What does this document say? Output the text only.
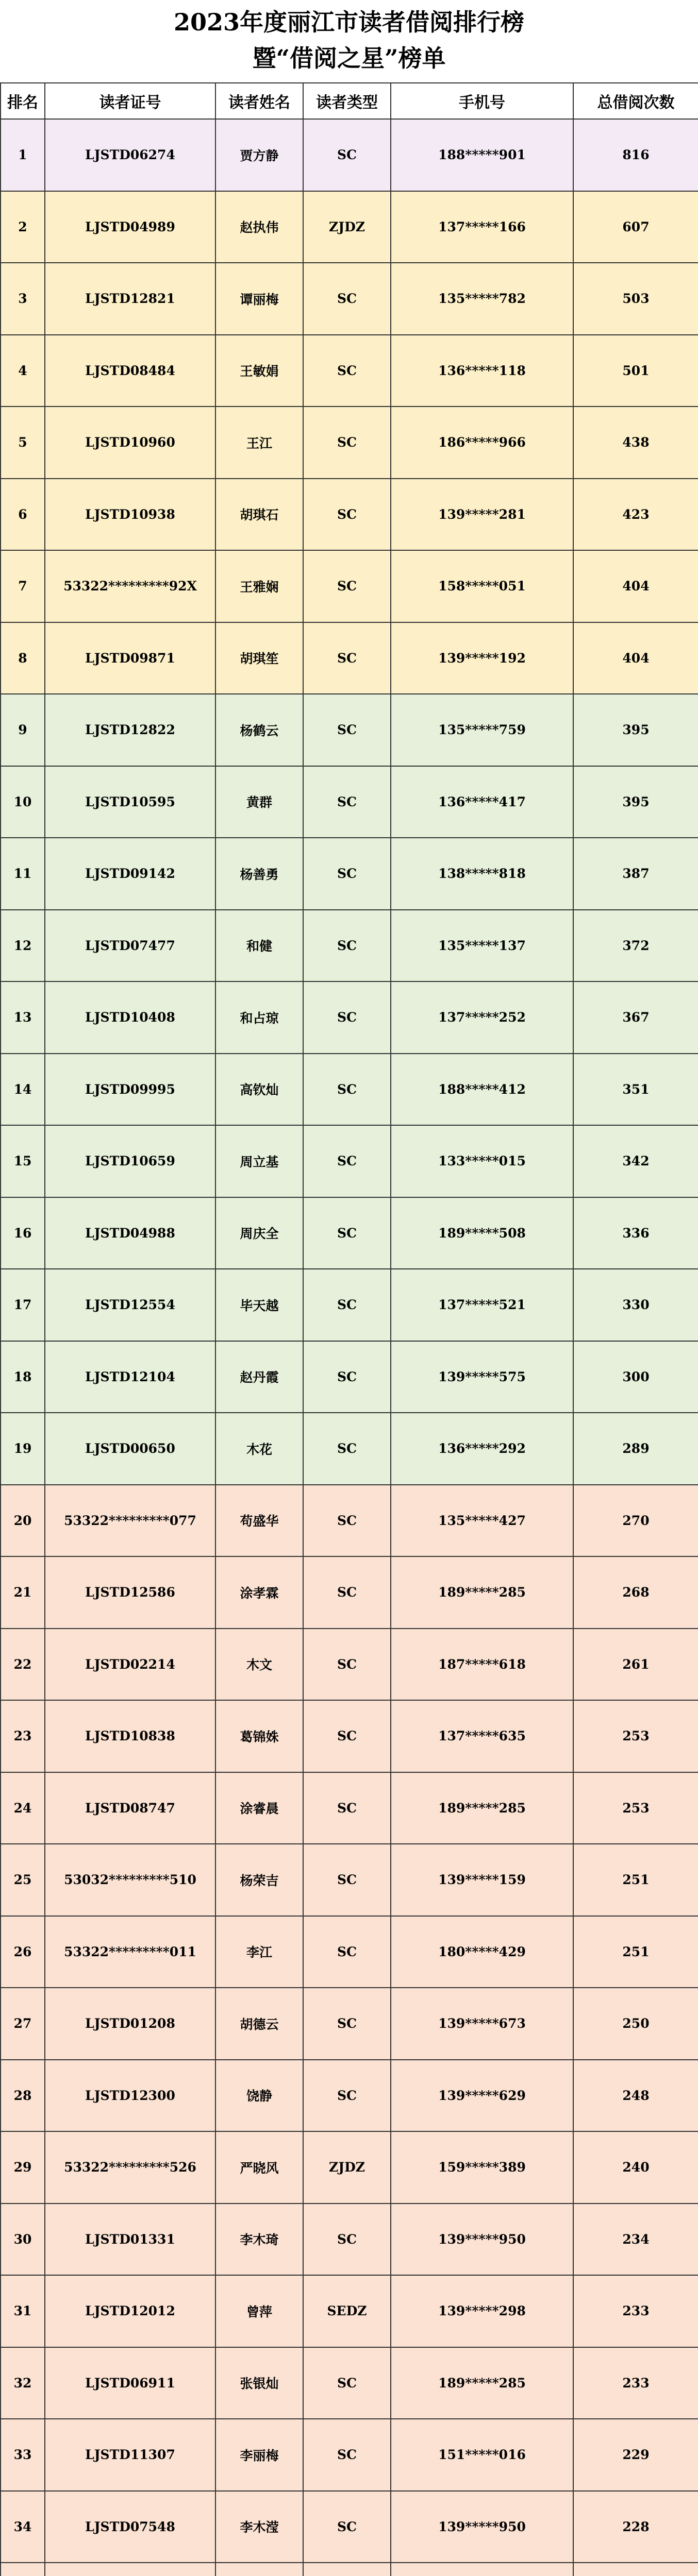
2023年度丽江市读者借阅排行榜
暨“借阅之星”榜单
排名	读者证号	读者姓名	读者类型	手机号	总借阅次数
1	LJSTD06274	贾方静	SC	188*****901	816
2	LJSTD04989	赵执伟	ZJDZ	137*****166	607
3	LJSTD12821	谭丽梅	SC	135*****782	503
4	LJSTD08484	王敏娟	SC	136*****118	501
5	LJSTD10960	王江	SC	186*****966	438
6	LJSTD10938	胡琪石	SC	139*****281	423
7	53322*********92X	王雅娴	SC	158*****051	404
8	LJSTD09871	胡琪笙	SC	139*****192	404
9	LJSTD12822	杨鹤云	SC	135*****759	395
10	LJSTD10595	黄群	SC	136*****417	395
11	LJSTD09142	杨善勇	SC	138*****818	387
12	LJSTD07477	和健	SC	135*****137	372
13	LJSTD10408	和占琼	SC	137*****252	367
14	LJSTD09995	高钦灿	SC	188*****412	351
15	LJSTD10659	周立基	SC	133*****015	342
16	LJSTD04988	周庆全	SC	189*****508	336
17	LJSTD12554	毕天越	SC	137*****521	330
18	LJSTD12104	赵丹霞	SC	139*****575	300
19	LJSTD00650	木花	SC	136*****292	289
20	53322*********077	苟盛华	SC	135*****427	270
21	LJSTD12586	涂孝霖	SC	189*****285	268
22	LJSTD02214	木文	SC	187*****618	261
23	LJSTD10838	葛锦姝	SC	137*****635	253
24	LJSTD08747	涂睿晨	SC	189*****285	253
25	53032*********510	杨荣吉	SC	139*****159	251
26	53322*********011	李江	SC	180*****429	251
27	LJSTD01208	胡德云	SC	139*****673	250
28	LJSTD12300	饶静	SC	139*****629	248
29	53322*********526	严晓风	ZJDZ	159*****389	240
30	LJSTD01331	李木琦	SC	139*****950	234
31	LJSTD12012	曾萍	SEDZ	139*****298	233
32	LJSTD06911	张银灿	SC	189*****285	233
33	LJSTD11307	李丽梅	SC	151*****016	229
34	LJSTD07548	李木滢	SC	139*****950	228
